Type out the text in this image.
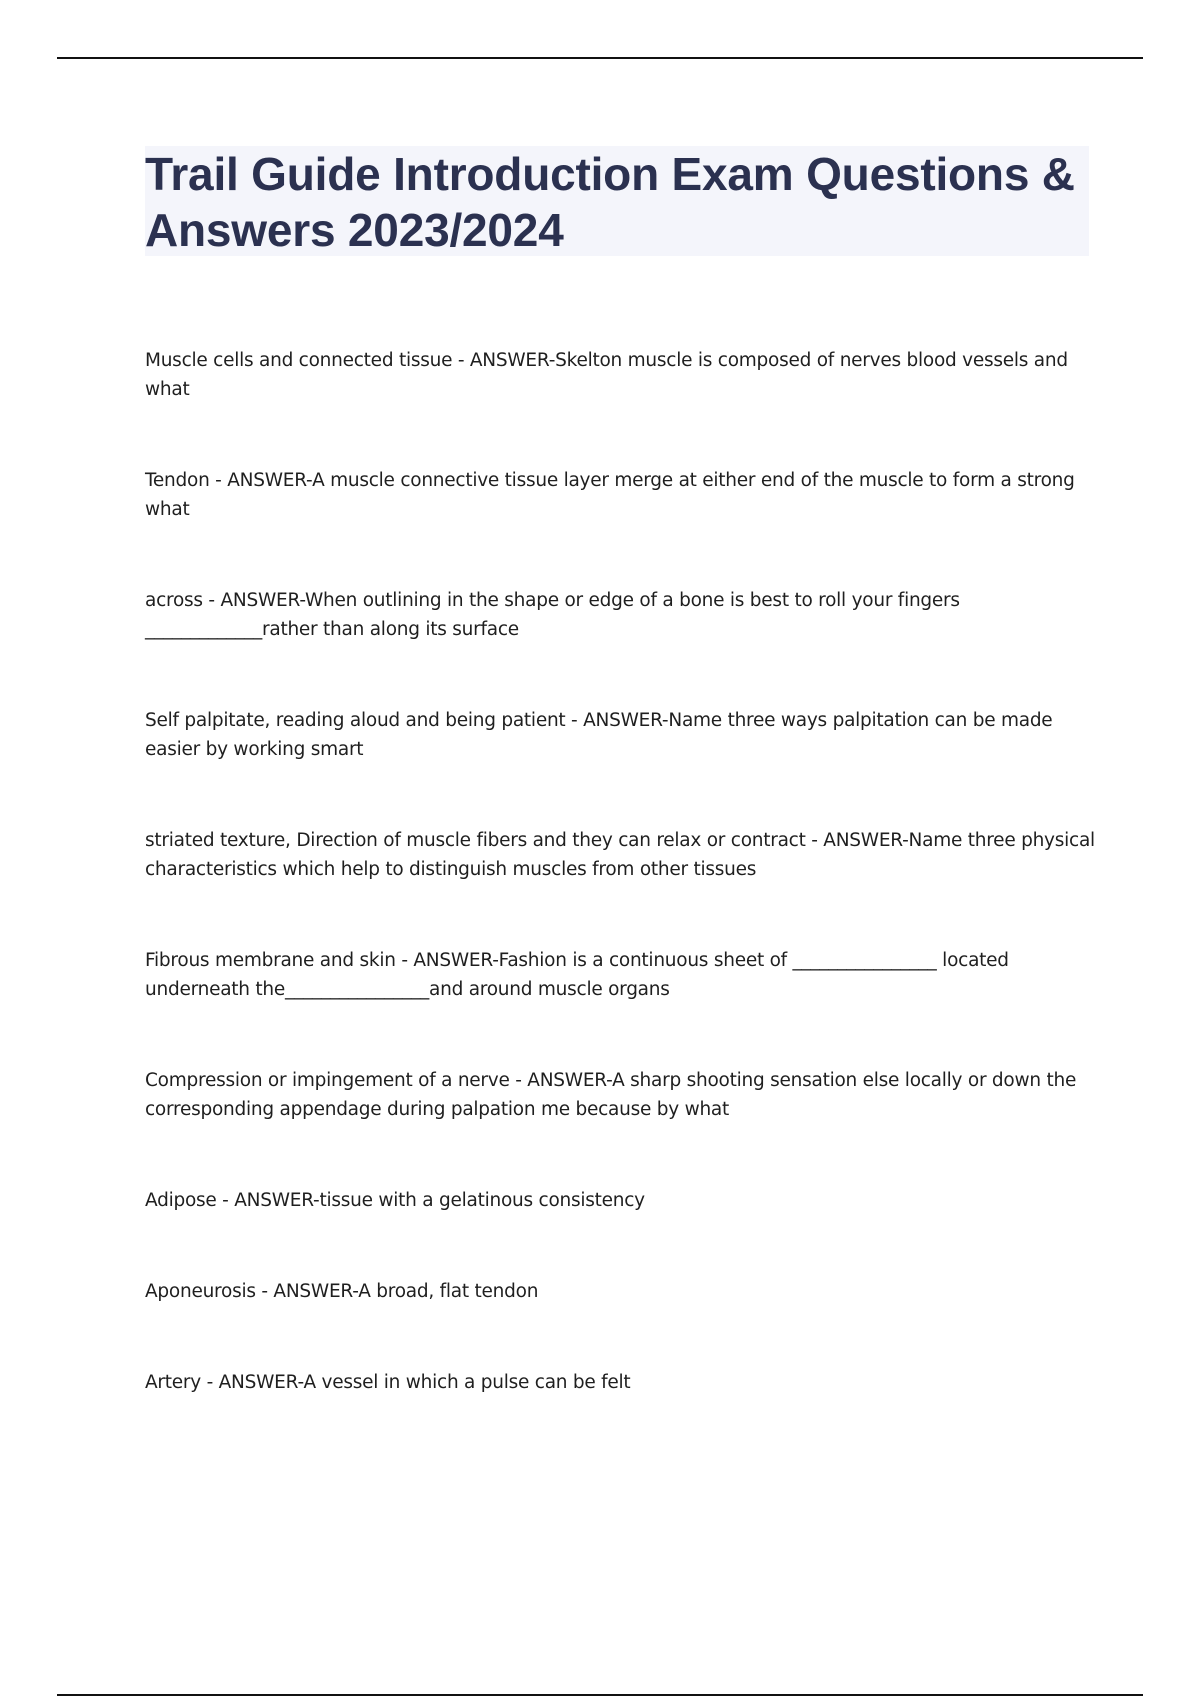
Trail Guide Introduction Exam Questions & Answers 2023/2024
Muscle cells and connected tissue - ANSWER-Skelton muscle is composed of nerves blood vessels and what
Tendon - ANSWER-A muscle connective tissue layer merge at either end of the muscle to form a strong what
across - ANSWER-When outlining in the shape or edge of a bone is best to roll your fingers _____________rather than along its surface
Self palpitate, reading aloud and being patient - ANSWER-Name three ways palpitation can be made easier by working smart
striated texture, Direction of muscle fibers and they can relax or contract - ANSWER-Name three physical characteristics which help to distinguish muscles from other tissues
Fibrous membrane and skin - ANSWER-Fashion is a continuous sheet of ________________ located underneath the________________and around muscle organs
Compression or impingement of a nerve - ANSWER-A sharp shooting sensation else locally or down the corresponding appendage during palpation me because by what
Adipose - ANSWER-tissue with a gelatinous consistency
Aponeurosis - ANSWER-A broad, flat tendon
Artery - ANSWER-A vessel in which a pulse can be felt
